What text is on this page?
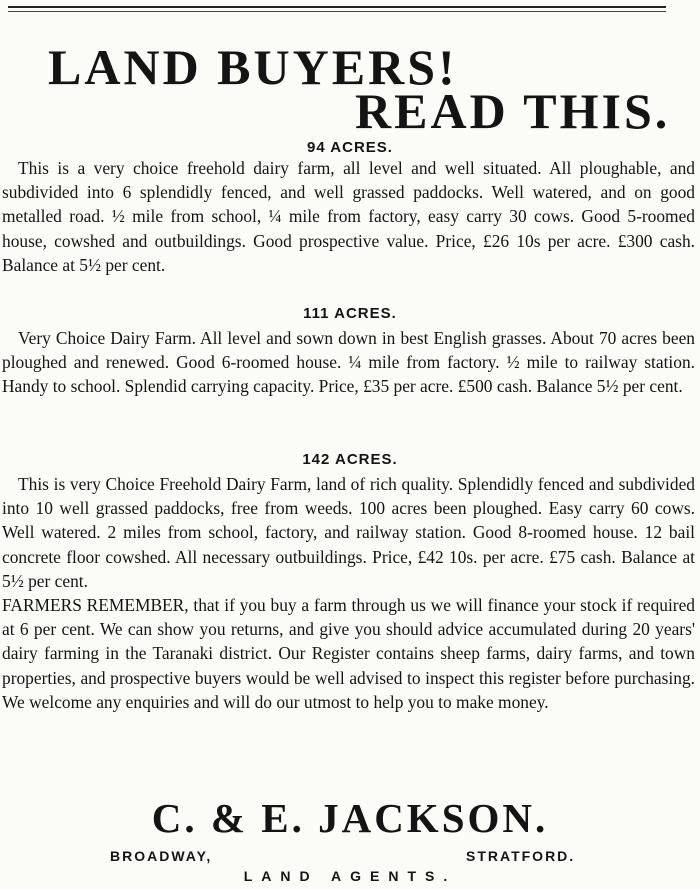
LAND BUYERS!
READ THIS.
94 ACRES.
This is a very choice freehold dairy farm, all level and well situated. All ploughable, and subdivided into 6 splendidly fenced, and well grassed paddocks. Well watered, and on good metalled road. ½ mile from school, ¼ mile from factory, easy carry 30 cows. Good 5-roomed house, cowshed and outbuildings. Good prospective value. Price, £26 10s per acre. £300 cash. Balance at 5½ per cent.
111 ACRES.
Very Choice Dairy Farm. All level and sown down in best English grasses. About 70 acres been ploughed and renewed. Good 6-roomed house. ¼ mile from factory. ½ mile to railway station. Handy to school. Splendid carrying capacity. Price, £35 per acre. £500 cash. Balance 5½ per cent.
142 ACRES.
This is very Choice Freehold Dairy Farm, land of rich quality. Splendidly fenced and subdivided into 10 well grassed paddocks, free from weeds. 100 acres been ploughed. Easy carry 60 cows. Well watered. 2 miles from school, factory, and railway station. Good 8-roomed house. 12 bail concrete floor cowshed. All necessary outbuildings. Price, £42 10s. per acre. £75 cash. Balance at 5½ per cent.
FARMERS REMEMBER, that if you buy a farm through us we will finance your stock if required at 6 per cent. We can show you returns, and give you should advice accumulated during 20 years' dairy farming in the Taranaki district. Our Register contains sheep farms, dairy farms, and town properties, and prospective buyers would be well advised to inspect this register before purchasing. We welcome any enquiries and will do our utmost to help you to make money.
C. & E. JACKSON.
BROADWAY,	STRATFORD.
LAND AGENTS.
